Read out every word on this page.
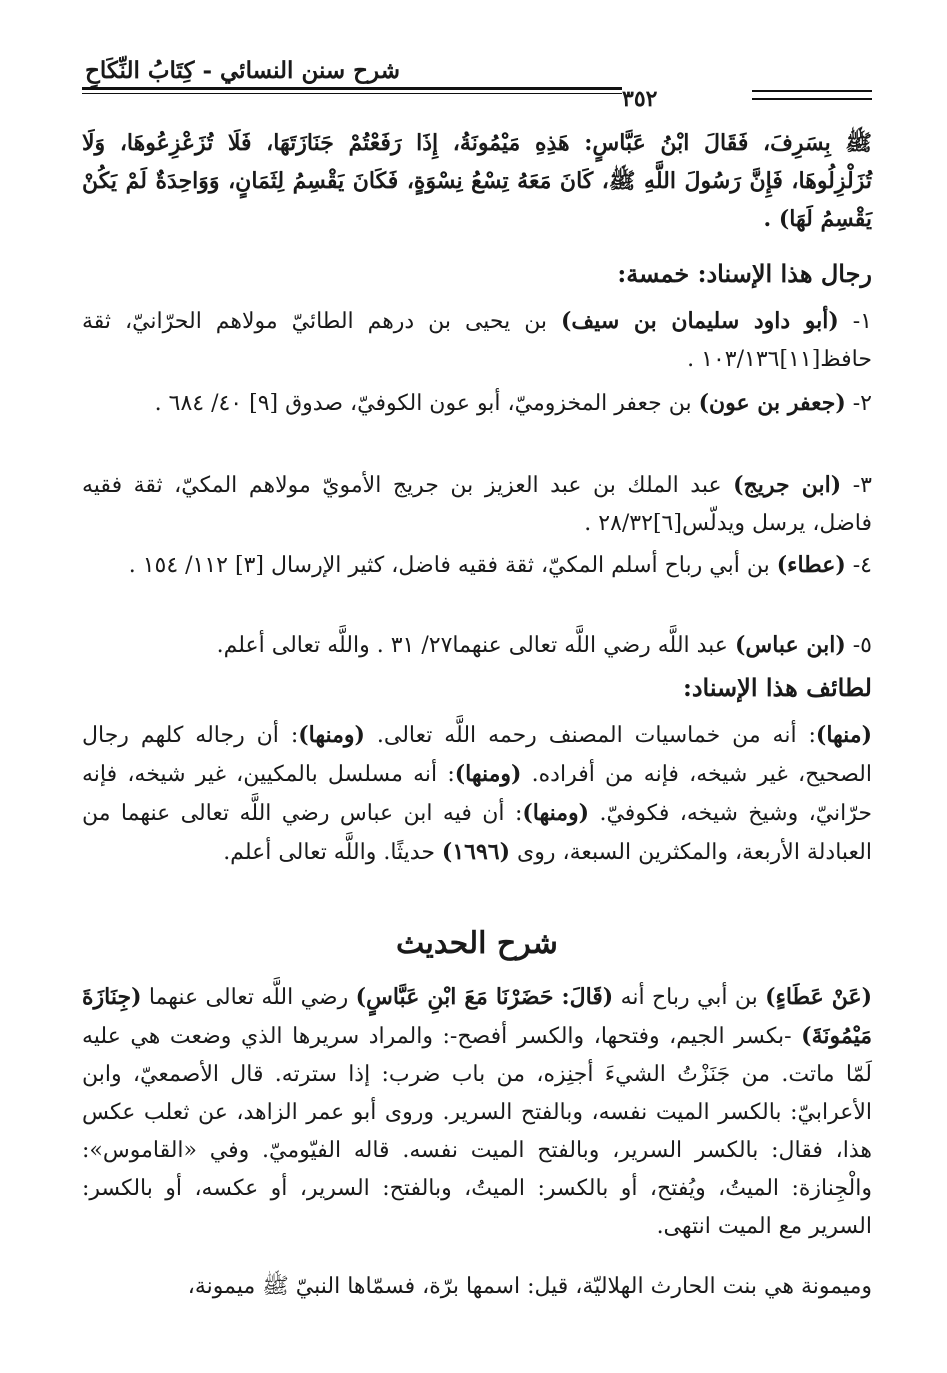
شرح سنن النسائي - كِتَابُ النِّكَاحِ
٣٥٢
ﷺ بِسَرِفَ، فَقَالَ ابْنُ عَبَّاسٍ: هَذِهِ مَيْمُونَةُ، إِذَا رَفَعْتُمْ جَنَازَتَهَا، فَلَا تُزَعْزِعُوهَا، وَلَا تُزَلْزِلُوهَا، فَإِنَّ رَسُولَ اللَّهِ ﷺ، كَانَ مَعَهُ تِسْعُ نِسْوَةٍ، فَكَانَ يَقْسِمُ لِثَمَانٍ، وَوَاحِدَةٌ لَمْ يَكُنْ يَقْسِمُ لَهَا) .
رجال هذا الإسناد: خمسة:
١- (أبو داود سليمان بن سيف) بن يحيى بن درهم الطائيّ مولاهم الحرّانيّ، ثقة حافظ[١١]١٠٣/١٣٦ .
٢- (جعفر بن عون) بن جعفر المخزوميّ، أبو عون الكوفيّ، صدوق [٩] ٤٠/ ٦٨٤ .
٣- (ابن جريج) عبد الملك بن عبد العزيز بن جريج الأمويّ مولاهم المكيّ، ثقة فقيه فاضل، يرسل ويدلّس[٦]٢٨/٣٢ .
٤- (عطاء) بن أبي رباح أسلم المكيّ، ثقة فقيه فاضل، كثير الإرسال [٣] ١١٢/ ١٥٤ .
٥- (ابن عباس) عبد اللَّه رضي اللَّه تعالى عنهما٢٧/ ٣١ . واللَّه تعالى أعلم.
لطائف هذا الإسناد:
(منها): أنه من خماسيات المصنف رحمه اللَّه تعالى. (ومنها): أن رجاله كلهم رجال الصحيح، غير شيخه، فإنه من أفراده. (ومنها): أنه مسلسل بالمكيين، غير شيخه، فإنه حرّانيّ، وشيخ شيخه، فكوفيّ. (ومنها): أن فيه ابن عباس رضي اللَّه تعالى عنهما من العبادلة الأربعة، والمكثرين السبعة، روى (١٦٩٦) حديثًا. واللَّه تعالى أعلم.
شرح الحديث
(عَنْ عَطَاءٍ) بن أبي رباح أنه (قَالَ: حَضَرْنَا مَعَ ابْنِ عَبَّاسٍ) رضي اللَّه تعالى عنهما (جِنَازَةَ مَيْمُونَةَ) -بكسر الجيم، وفتحها، والكسر أفصح-: والمراد سريرها الذي وضعت هي عليه لَمّا ماتت. من جَنَزْتُ الشيءَ أجنِزه، من باب ضرب: إذا سترته. قال الأصمعيّ، وابن الأعرابيّ: بالكسر الميت نفسه، وبالفتح السرير. وروى أبو عمر الزاهد، عن ثعلب عكس هذا، فقال: بالكسر السرير، وبالفتح الميت نفسه. قاله الفيّوميّ. وفي «القاموس»: والْجِنازة: الميتُ، ويُفتح، أو بالكسر: الميتُ، وبالفتح: السرير، أو عكسه، أو بالكسر: السرير مع الميت انتهى.
وميمونة هي بنت الحارث الهلاليّة، قيل: اسمها برّة، فسمّاها النبيّ ﷺ ميمونة،
